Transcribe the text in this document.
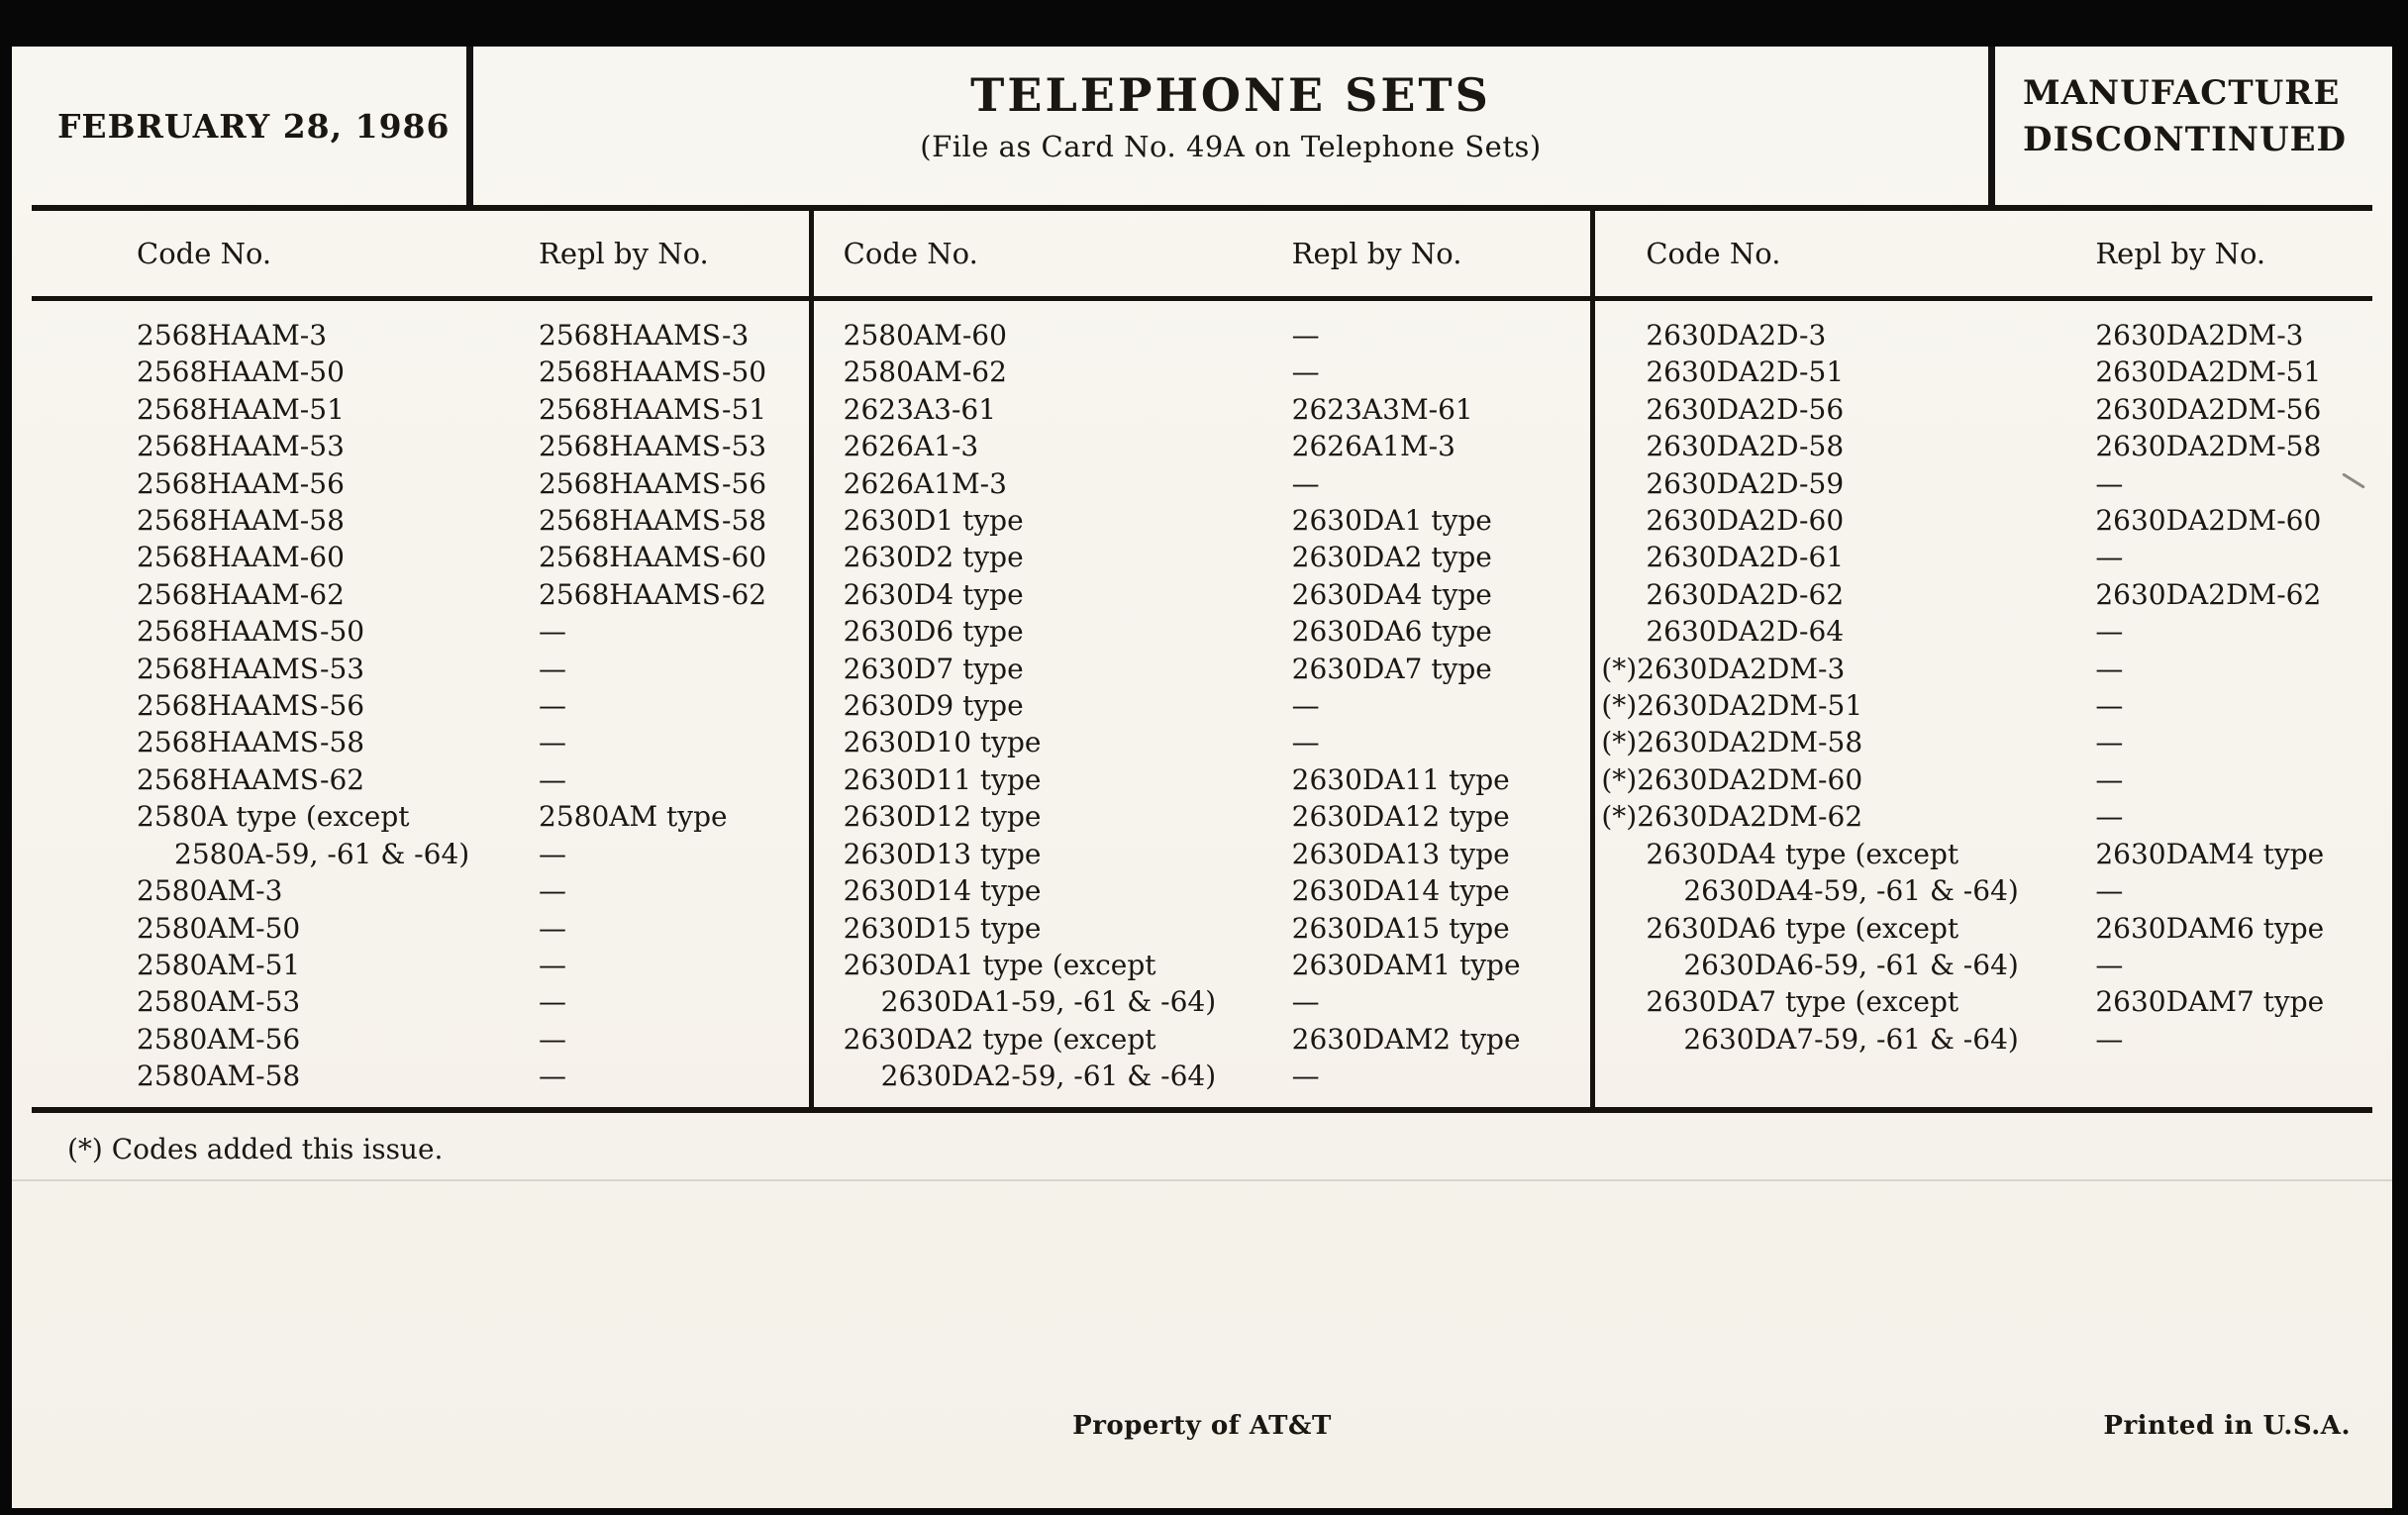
FEBRUARY 28, 1986
TELEPHONE SETS
(File as Card No. 49A on Telephone Sets)
MANUFACTURE
DISCONTINUED
Code No.	Repl by No.
2568HAAM-3	2568HAAMS-3
2568HAAM-50	2568HAAMS-50
2568HAAM-51	2568HAAMS-51
2568HAAM-53	2568HAAMS-53
2568HAAM-56	2568HAAMS-56
2568HAAM-58	2568HAAMS-58
2568HAAM-60	2568HAAMS-60
2568HAAM-62	2568HAAMS-62
2568HAAMS-50	—
2568HAAMS-53	—
2568HAAMS-56	—
2568HAAMS-58	—
2568HAAMS-62	—
2580A type (except	2580AM type
2580A-59, -61 & -64)	—
2580AM-3	—
2580AM-50	—
2580AM-51	—
2580AM-53	—
2580AM-56	—
2580AM-58	—
Code No.	Repl by No.
2580AM-60	—
2580AM-62	—
2623A3-61	2623A3M-61
2626A1-3	2626A1M-3
2626A1M-3	—
2630D1 type	2630DA1 type
2630D2 type	2630DA2 type
2630D4 type	2630DA4 type
2630D6 type	2630DA6 type
2630D7 type	2630DA7 type
2630D9 type	—
2630D10 type	—
2630D11 type	2630DA11 type
2630D12 type	2630DA12 type
2630D13 type	2630DA13 type
2630D14 type	2630DA14 type
2630D15 type	2630DA15 type
2630DA1 type (except	2630DAM1 type
2630DA1-59, -61 & -64)	—
2630DA2 type (except	2630DAM2 type
2630DA2-59, -61 & -64)	—
Code No.	Repl by No.
2630DA2D-3	2630DA2DM-3
2630DA2D-51	2630DA2DM-51
2630DA2D-56	2630DA2DM-56
2630DA2D-58	2630DA2DM-58
2630DA2D-59	—
2630DA2D-60	2630DA2DM-60
2630DA2D-61	—
2630DA2D-62	2630DA2DM-62
2630DA2D-64	—
(*)2630DA2DM-3	—
(*)2630DA2DM-51	—
(*)2630DA2DM-58	—
(*)2630DA2DM-60	—
(*)2630DA2DM-62	—
2630DA4 type (except	2630DAM4 type
2630DA4-59, -61 & -64)	—
2630DA6 type (except	2630DAM6 type
2630DA6-59, -61 & -64)	—
2630DA7 type (except	2630DAM7 type
2630DA7-59, -61 & -64)	—
(*) Codes added this issue.
Property of AT&T	Printed in U.S.A.
